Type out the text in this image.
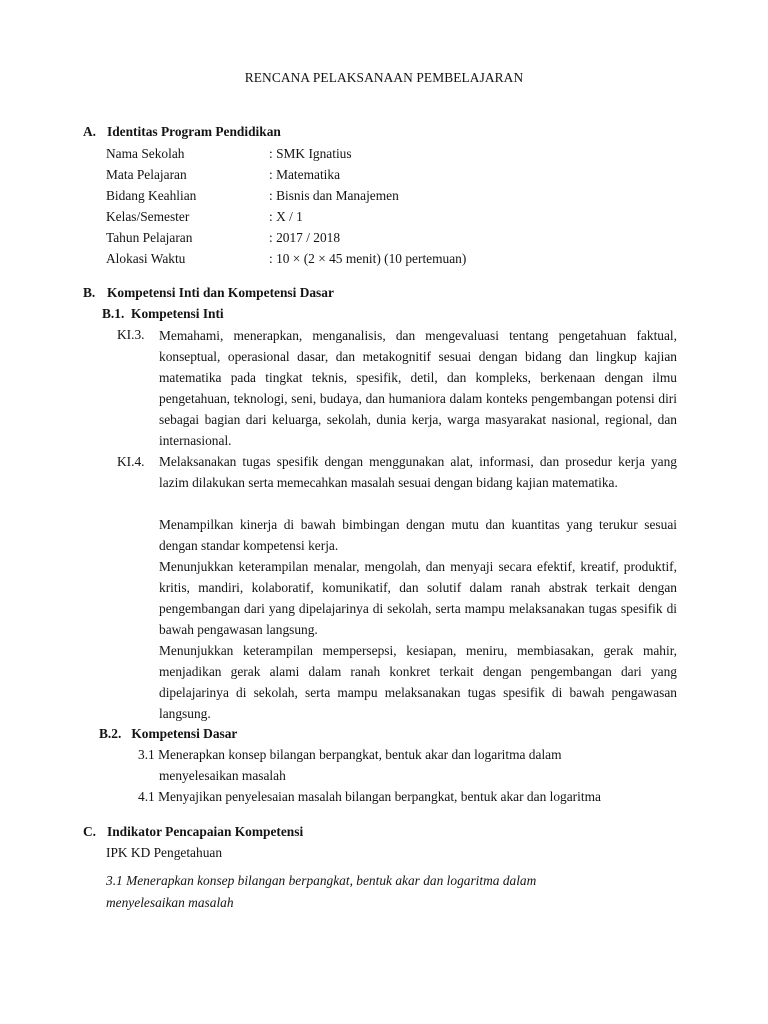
RENCANA PELAKSANAAN PEMBELAJARAN
A. Identitas Program Pendidikan
Nama Sekolah	: SMK Ignatius
Mata Pelajaran	: Matematika
Bidang Keahlian	: Bisnis dan Manajemen
Kelas/Semester	: X / 1
Tahun Pelajaran	: 2017 / 2018
Alokasi Waktu	: 10 × (2 × 45 menit) (10 pertemuan)
B. Kompetensi Inti dan Kompetensi Dasar
B.1. Kompetensi Inti
KI.3. Memahami, menerapkan, menganalisis, dan mengevaluasi tentang pengetahuan faktual, konseptual, operasional dasar, dan metakognitif sesuai dengan bidang dan lingkup kajian matematika pada tingkat teknis, spesifik, detil, dan kompleks, berkenaan dengan ilmu pengetahuan, teknologi, seni, budaya, dan humaniora dalam konteks pengembangan potensi diri sebagai bagian dari keluarga, sekolah, dunia kerja, warga masyarakat nasional, regional, dan internasional.
KI.4. Melaksanakan tugas spesifik dengan menggunakan alat, informasi, dan prosedur kerja yang lazim dilakukan serta memecahkan masalah sesuai dengan bidang kajian matematika.
Menampilkan kinerja di bawah bimbingan dengan mutu dan kuantitas yang terukur sesuai dengan standar kompetensi kerja.
Menunjukkan keterampilan menalar, mengolah, dan menyaji secara efektif, kreatif, produktif, kritis, mandiri, kolaboratif, komunikatif, dan solutif dalam ranah abstrak terkait dengan pengembangan dari yang dipelajarinya di sekolah, serta mampu melaksanakan tugas spesifik di bawah pengawasan langsung.
Menunjukkan keterampilan mempersepsi, kesiapan, meniru, membiasakan, gerak mahir, menjadikan gerak alami dalam ranah konkret terkait dengan pengembangan dari yang dipelajarinya di sekolah, serta mampu melaksanakan tugas spesifik di bawah pengawasan langsung.
B.2. Kompetensi Dasar
3.1 Menerapkan konsep bilangan berpangkat, bentuk akar dan logaritma dalam
menyelesaikan masalah
4.1 Menyajikan penyelesaian masalah bilangan berpangkat, bentuk akar dan logaritma
C. Indikator Pencapaian Kompetensi
IPK KD Pengetahuan
3.1 Menerapkan konsep bilangan berpangkat, bentuk akar dan logaritma dalam
menyelesaikan masalah
